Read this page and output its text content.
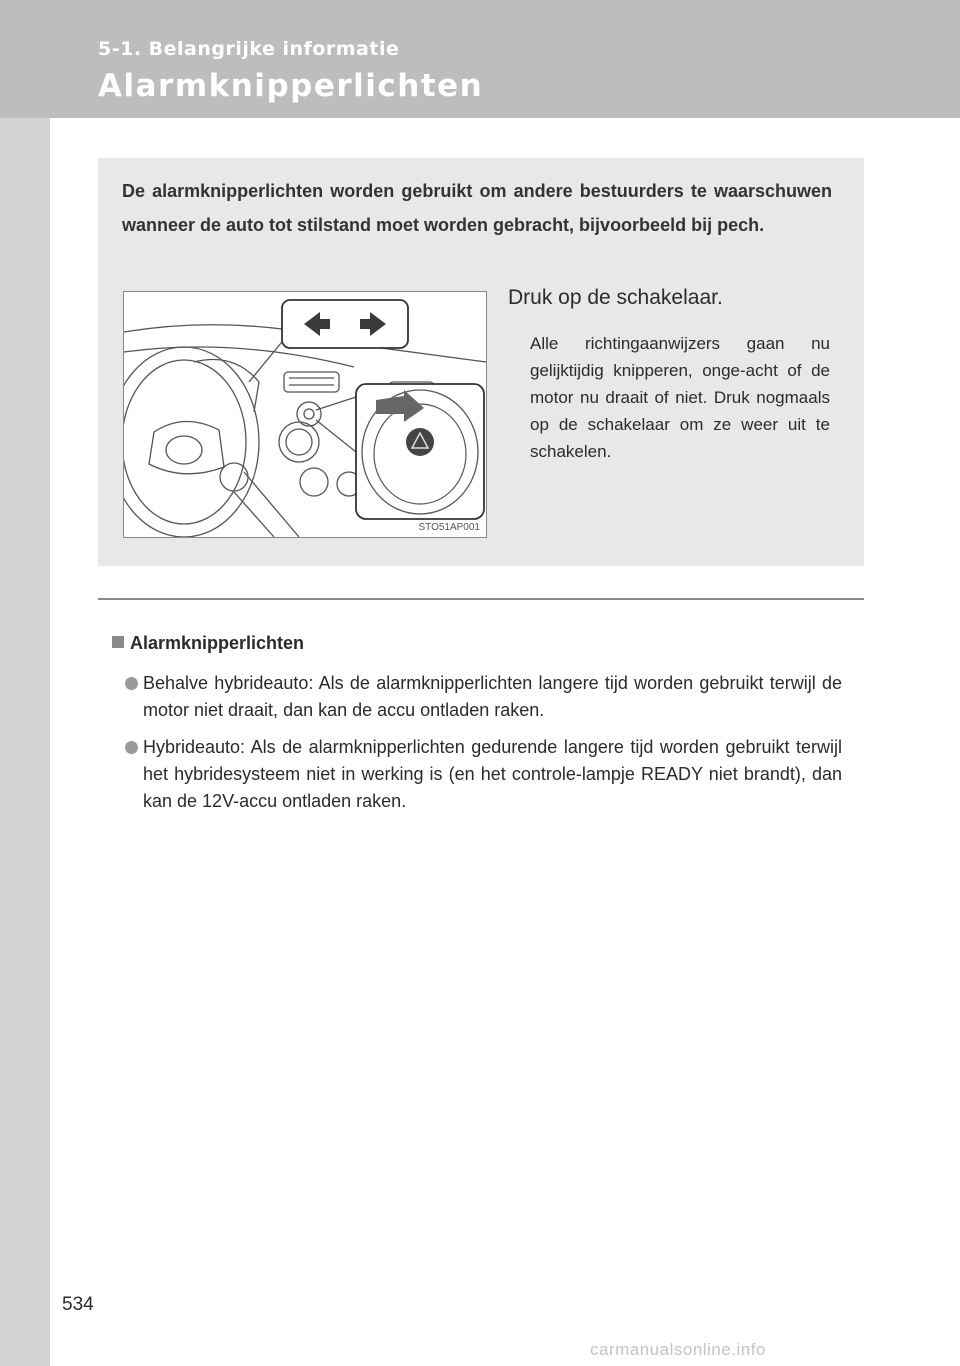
5-1. Belangrijke informatie
Alarmknipperlichten
De alarmknipperlichten worden gebruikt om andere bestuurders te waarschuwen wanneer de auto tot stilstand moet worden gebracht, bijvoorbeeld bij pech.
STO51AP001
Druk op de schakelaar.
Alle richtingaanwijzers gaan nu gelijktijdig knipperen, onge-acht of de motor nu draait of niet. Druk nogmaals op de schakelaar om ze weer uit te schakelen.
Alarmknipperlichten
Behalve hybrideauto: Als de alarmknipperlichten langere tijd worden gebruikt terwijl de motor niet draait, dan kan de accu ontladen raken.
Hybrideauto: Als de alarmknipperlichten gedurende langere tijd worden gebruikt terwijl het hybridesysteem niet in werking is (en het controle-lampje READY niet brandt), dan kan de 12V-accu ontladen raken.
534
carmanualsonline.info
